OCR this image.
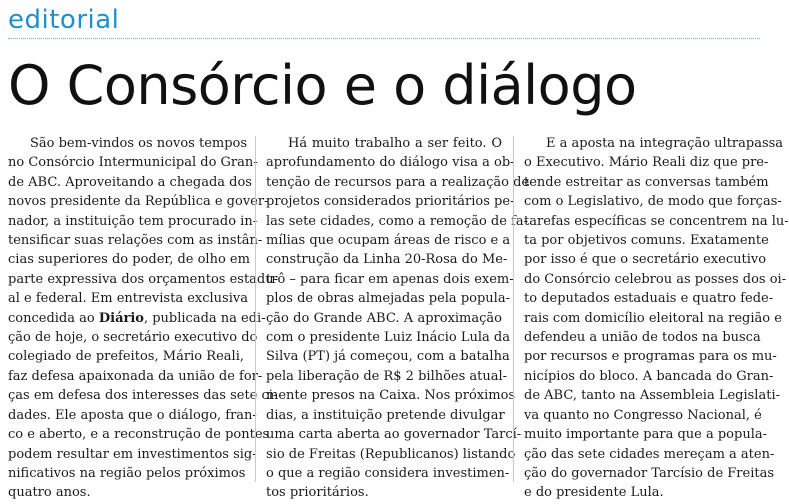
editorial
O Consórcio e o diálogo
São bem-vindos os novos tempos
no Consórcio Intermunicipal do Gran-
de ABC. Aproveitando a chegada dos
novos presidente da República e gover-
nador, a instituição tem procurado in-
tensificar suas relações com as instân-
cias superiores do poder, de olho em
parte expressiva dos orçamentos estadu-
al e federal. Em entrevista exclusiva
concedida ao Diário, publicada na edi-
ção de hoje, o secretário executivo do
colegiado de prefeitos, Mário Reali,
faz defesa apaixonada da união de for-
ças em defesa dos interesses das sete ci-
dades. Ele aposta que o diálogo, fran-
co e aberto, e a reconstrução de pontes
podem resultar em investimentos sig-
nificativos na região pelos próximos
quatro anos.
Há muito trabalho a ser feito. O
aprofundamento do diálogo visa a ob-
tenção de recursos para a realização de
projetos considerados prioritários pe-
las sete cidades, como a remoção de fa-
mílias que ocupam áreas de risco e a
construção da Linha 20-Rosa do Me-
trô – para ficar em apenas dois exem-
plos de obras almejadas pela popula-
ção do Grande ABC. A aproximação
com o presidente Luiz Inácio Lula da
Silva (PT) já começou, com a batalha
pela liberação de R$ 2 bilhões atual-
mente presos na Caixa. Nos próximos
dias, a instituição pretende divulgar
uma carta aberta ao governador Tarcí-
sio de Freitas (Republicanos) listando
o que a região considera investimen-
tos prioritários.
E a aposta na integração ultrapassa
o Executivo. Mário Reali diz que pre-
tende estreitar as conversas também
com o Legislativo, de modo que forças-
tarefas específicas se concentrem na lu-
ta por objetivos comuns. Exatamente
por isso é que o secretário executivo
do Consórcio celebrou as posses dos oi-
to deputados estaduais e quatro fede-
rais com domicílio eleitoral na região e
defendeu a união de todos na busca
por recursos e programas para os mu-
nicípios do bloco. A bancada do Gran-
de ABC, tanto na Assembleia Legislati-
va quanto no Congresso Nacional, é
muito importante para que a popula-
ção das sete cidades mereçam a aten-
ção do governador Tarcísio de Freitas
e do presidente Lula.
